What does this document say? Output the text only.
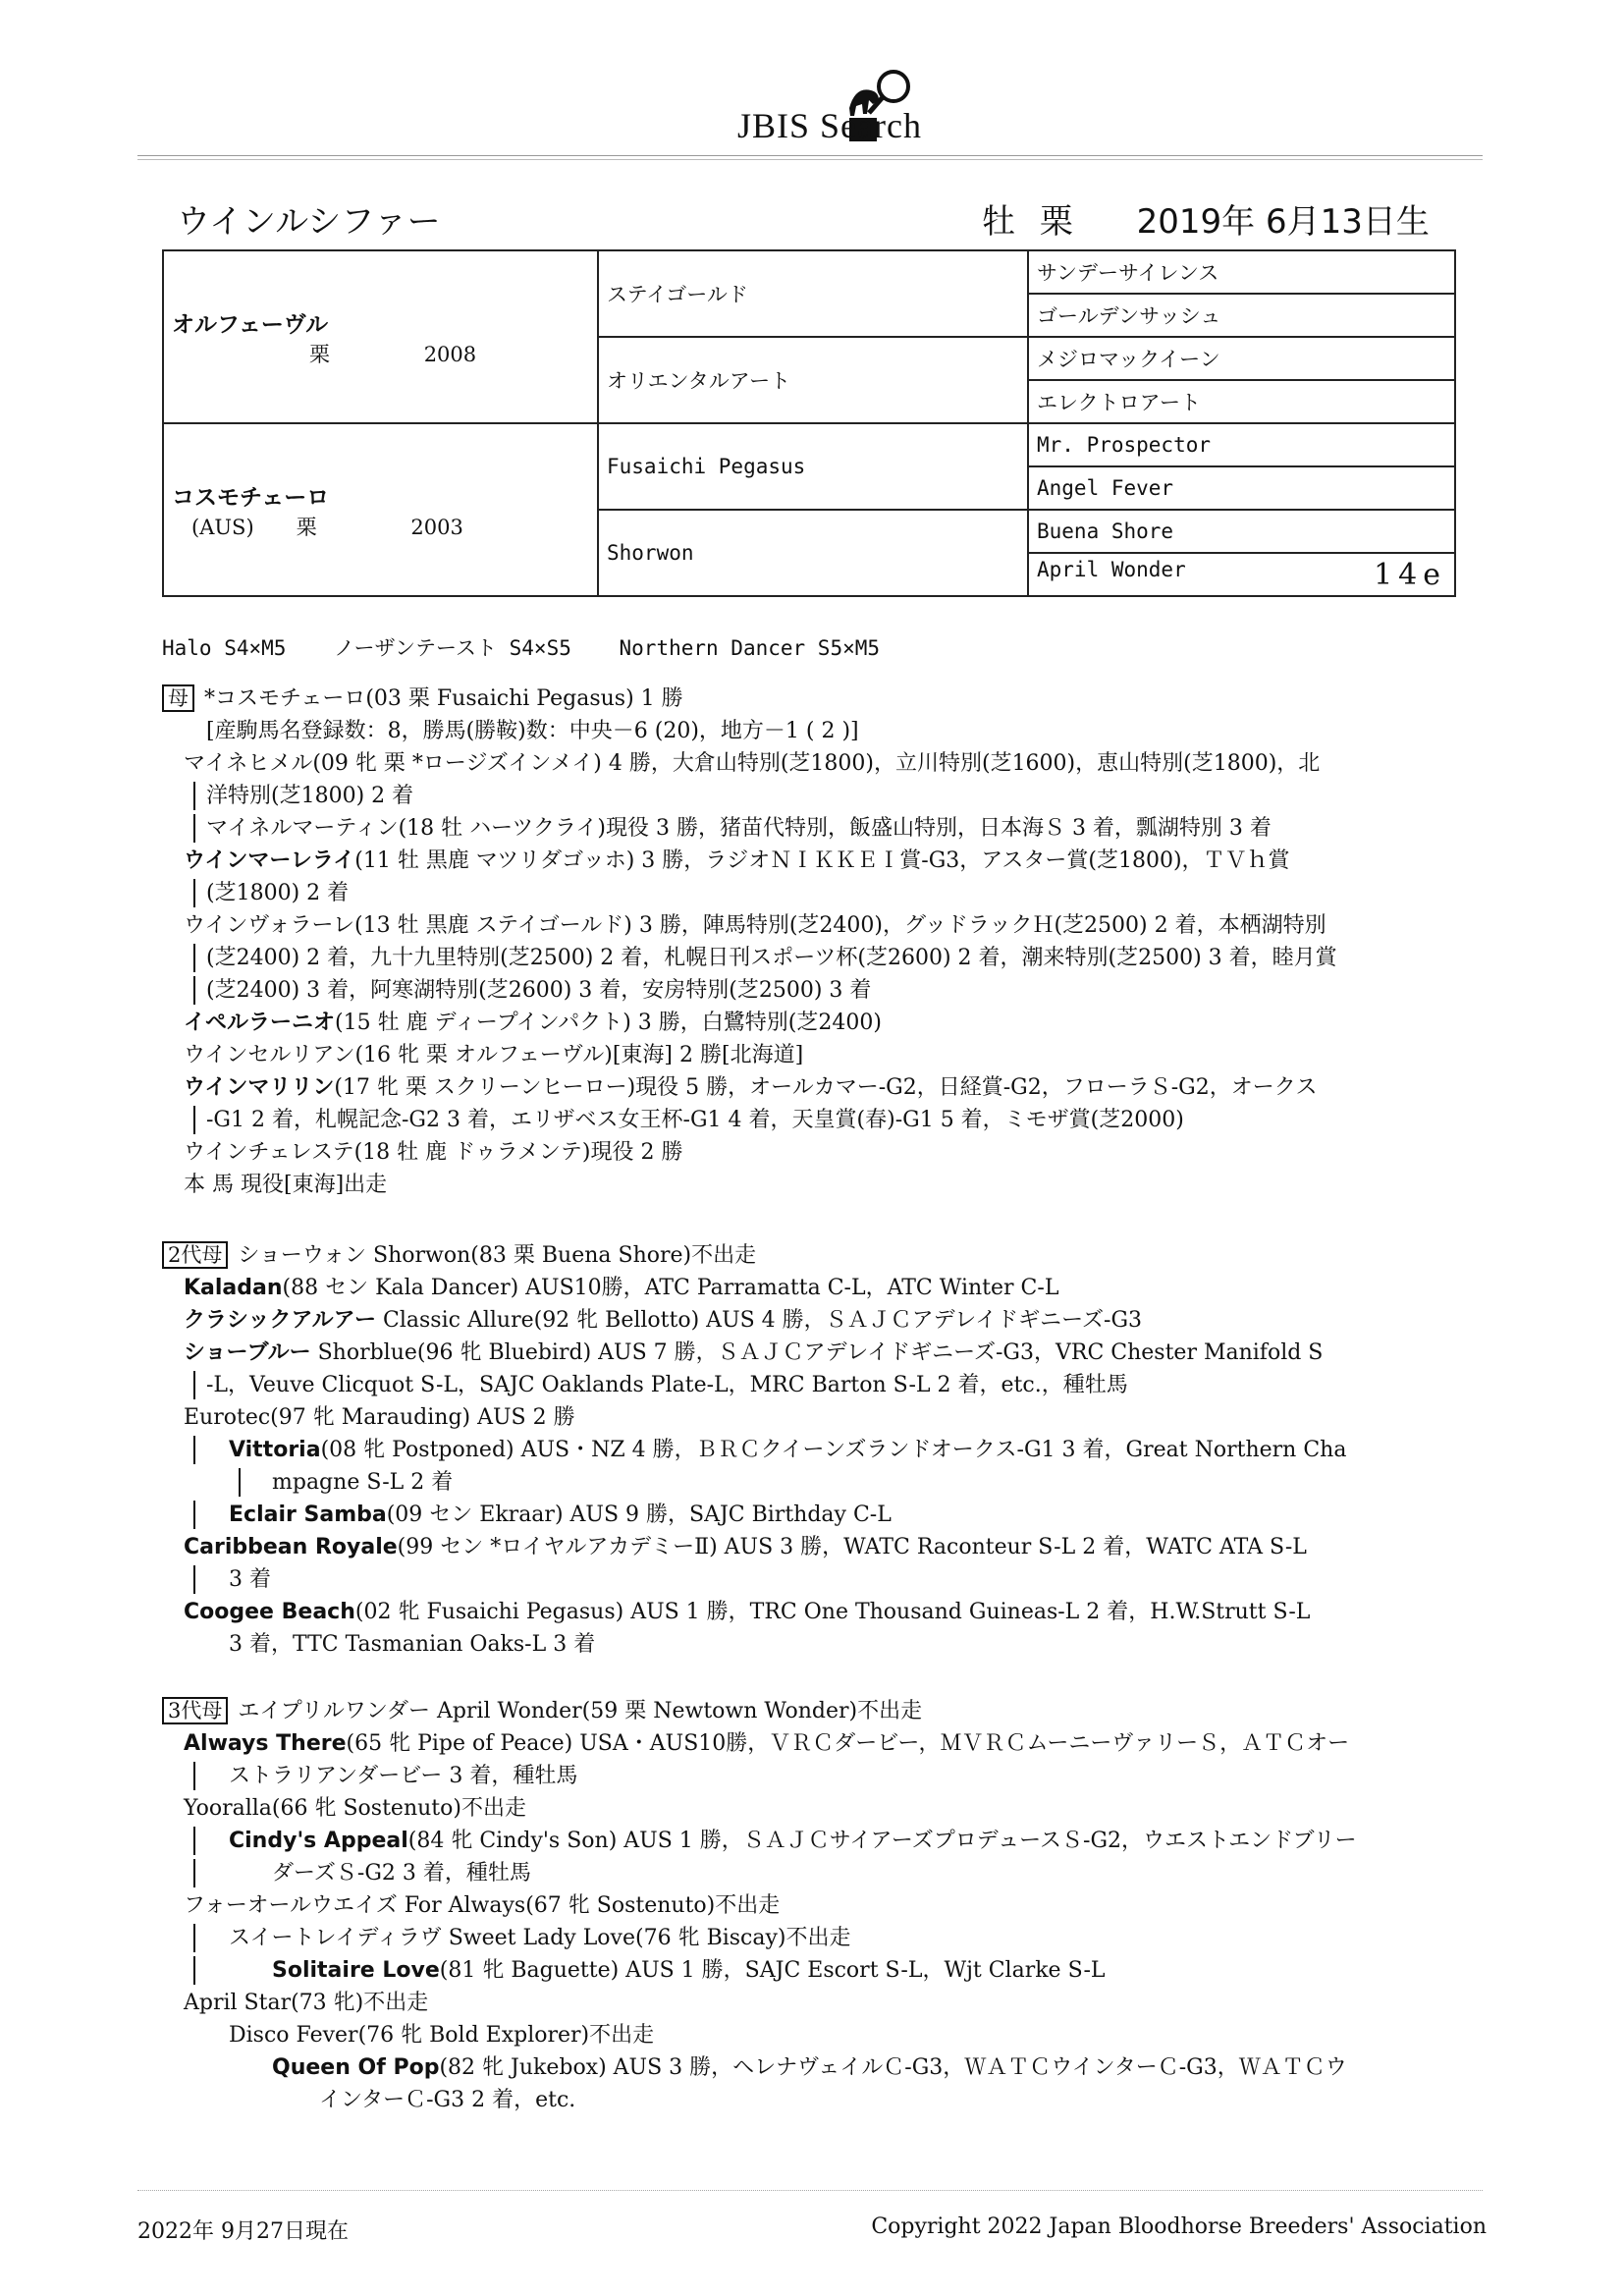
JBIS Search
ウインルシファー	牡 栗 2019年 6月13日生
オルフェーヴル
栗 2008	ステイゴールド	サンデーサイレンス
		ゴールデンサッシュ
	オリエンタルアート	メジロマックイーン
		エレクトロアート

コスモチェーロ
(AUS) 栗 2003	Fusaichi Pegasus	Mr. Prospector
		Angel Fever
	Shorwon	Buena Shore
		April Wonder 14e
Halo S4×M5 ノーザンテースト S4×S5 Northern Dancer S5×M5
母 *コスモチェーロ(03 栗 Fusaichi Pegasus) 1 勝
[産駒馬名登録数：8，勝馬(勝鞍)数：中央－6 (20)，地方－1 ( 2 )]
マイネヒメル(09 牝 栗 *ロージズインメイ) 4 勝，大倉山特別(芝1800)，立川特別(芝1600)，恵山特別(芝1800)，北
洋特別(芝1800) 2 着
マイネルマーティン(18 牡 ハーツクライ)現役 3 勝，猪苗代特別，飯盛山特別，日本海Ｓ 3 着，瓢湖特別 3 着
ウインマーレライ(11 牡 黒鹿 マツリダゴッホ) 3 勝，ラジオＮＩＫＫＥＩ賞-G3，アスター賞(芝1800)，ＴＶｈ賞
(芝1800) 2 着
ウインヴォラーレ(13 牡 黒鹿 ステイゴールド) 3 勝，陣馬特別(芝2400)，グッドラックＨ(芝2500) 2 着，本栖湖特別
(芝2400) 2 着，九十九里特別(芝2500) 2 着，札幌日刊スポーツ杯(芝2600) 2 着，潮来特別(芝2500) 3 着，睦月賞
(芝2400) 3 着，阿寒湖特別(芝2600) 3 着，安房特別(芝2500) 3 着
イペルラーニオ(15 牡 鹿 ディープインパクト) 3 勝，白鷺特別(芝2400)
ウインセルリアン(16 牝 栗 オルフェーヴル)[東海] 2 勝[北海道]
ウインマリリン(17 牝 栗 スクリーンヒーロー)現役 5 勝，オールカマー-G2，日経賞-G2，フローラＳ-G2，オークス
-G1 2 着，札幌記念-G2 3 着，エリザベス女王杯-G1 4 着，天皇賞(春)-G1 5 着，ミモザ賞(芝2000)
ウインチェレステ(18 牡 鹿 ドゥラメンテ)現役 2 勝
本 馬 現役[東海]出走
2代母 ショーウォン Shorwon(83 栗 Buena Shore)不出走
Kaladan(88 セン Kala Dancer) AUS10勝，ATC Parramatta C-L，ATC Winter C-L
クラシックアルアー Classic Allure(92 牝 Bellotto) AUS 4 勝，ＳＡＪＣアデレイドギニーズ-G3
ショーブルー Shorblue(96 牝 Bluebird) AUS 7 勝，ＳＡＪＣアデレイドギニーズ-G3，VRC Chester Manifold S
-L，Veuve Clicquot S-L，SAJC Oaklands Plate-L，MRC Barton S-L 2 着，etc.，種牡馬
Eurotec(97 牝 Marauding) AUS 2 勝
Vittoria(08 牝 Postponed) AUS・NZ 4 勝，ＢＲＣクイーンズランドオークス-G1 3 着，Great Northern Cha
mpagne S-L 2 着
Eclair Samba(09 セン Ekraar) AUS 9 勝，SAJC Birthday C-L
Caribbean Royale(99 セン *ロイヤルアカデミーⅡ) AUS 3 勝，WATC Raconteur S-L 2 着，WATC ATA S-L
3 着
Coogee Beach(02 牝 Fusaichi Pegasus) AUS 1 勝，TRC One Thousand Guineas-L 2 着，H.W.Strutt S-L
3 着，TTC Tasmanian Oaks-L 3 着
3代母 エイプリルワンダー April Wonder(59 栗 Newtown Wonder)不出走
Always There(65 牝 Pipe of Peace) USA・AUS10勝，ＶＲＣダービー，ＭＶＲＣムーニーヴァリーＳ，ＡＴＣオー
ストラリアンダービー 3 着，種牡馬
Yooralla(66 牝 Sostenuto)不出走
Cindy's Appeal(84 牝 Cindy's Son) AUS 1 勝，ＳＡＪＣサイアーズプロデュースＳ-G2，ウエストエンドブリー
ダーズＳ-G2 3 着，種牡馬
フォーオールウエイズ For Always(67 牝 Sostenuto)不出走
スイートレイディラヴ Sweet Lady Love(76 牝 Biscay)不出走
Solitaire Love(81 牝 Baguette) AUS 1 勝，SAJC Escort S-L，Wjt Clarke S-L
April Star(73 牝)不出走
Disco Fever(76 牝 Bold Explorer)不出走
Queen Of Pop(82 牝 Jukebox) AUS 3 勝，ヘレナヴェイルＣ-G3，ＷＡＴＣウインターＣ-G3，ＷＡＴＣウ
インターＣ-G3 2 着，etc.
2022年 9月27日現在	Copyright 2022 Japan Bloodhorse Breeders' Association
